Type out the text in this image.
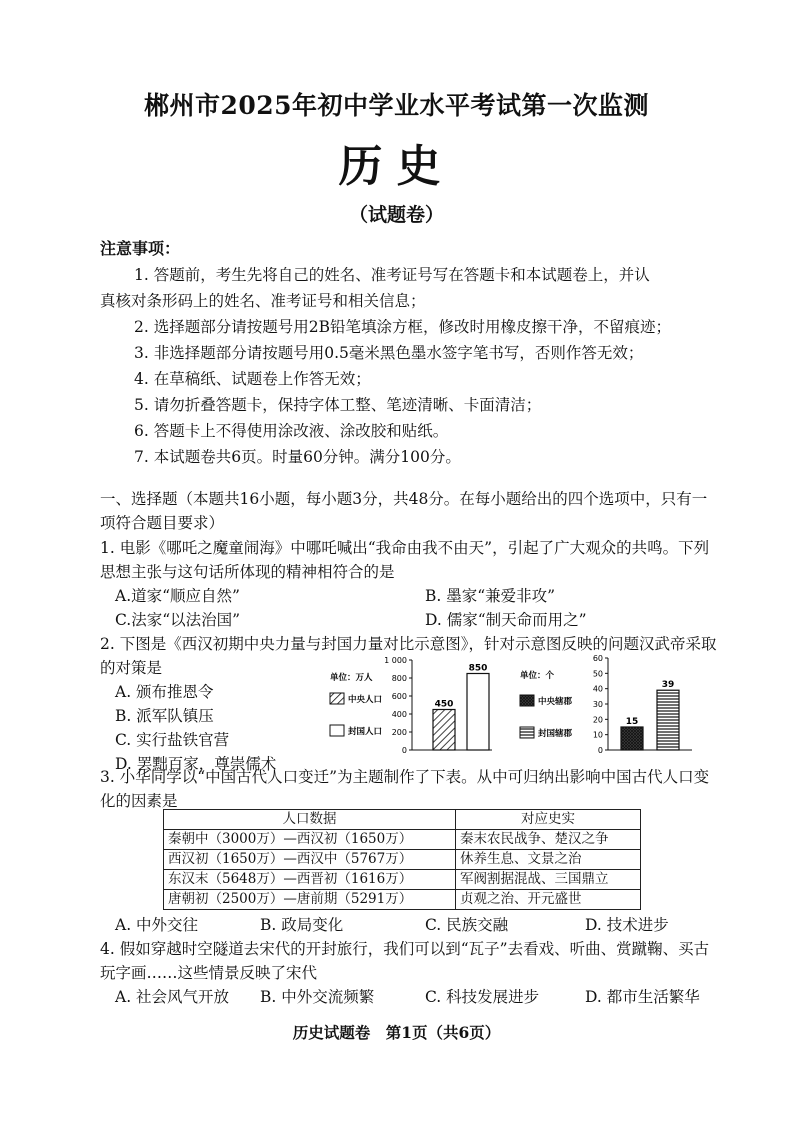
郴州市2025年初中学业水平考试第一次监测
历史
（试题卷）
注意事项：
1. 答题前，考生先将自己的姓名、准考证号写在答题卡和本试题卷上，并认
真核对条形码上的姓名、准考证号和相关信息；
2. 选择题部分请按题号用2B铅笔填涂方框，修改时用橡皮擦干净，不留痕迹；
3. 非选择题部分请按题号用0.5毫米黑色墨水签字笔书写，否则作答无效；
4. 在草稿纸、试题卷上作答无效；
5. 请勿折叠答题卡，保持字体工整、笔迹清晰、卡面清洁；
6. 答题卡上不得使用涂改液、涂改胶和贴纸。
7. 本试题卷共6页。时量60分钟。满分100分。
一、选择题（本题共16小题，每小题3分，共48分。在每小题给出的四个选项中，只有一
项符合题目要求）
1. 电影《哪吒之魔童闹海》中哪吒喊出“我命由我不由天”，引起了广大观众的共鸣。下列
思想主张与这句话所体现的精神相符合的是
A.道家“顺应自然”	B. 墨家“兼爱非攻”
C.法家“以法治国”	D. 儒家“制天命而用之”
2. 下图是《西汉初期中央力量与封国力量对比示意图》，针对示意图反映的问题汉武帝采取
的对策是
A. 颁布推恩令
B. 派军队镇压
C. 实行盐铁官营
D. 罢黜百家，尊崇儒术
单位：万人
0
200
400
600
800
1 000
中央人口	450
封国人口
850
单位：个
0
10
20
30
40
50
60
中央辖郡
15
封国辖郡
39
3. 小华同学以“中国古代人口变迁”为主题制作了下表。从中可归纳出影响中国古代人口变
化的因素是
人口数据	对应史实
秦朝中（3000万）—西汉初（1650万）	秦末农民战争、楚汉之争
西汉初（1650万）—西汉中（5767万）	休养生息、文景之治
东汉末（5648万）—西晋初（1616万）	军阀割据混战、三国鼎立
唐朝初（2500万）—唐前期（5291万）	贞观之治、开元盛世
A. 中外交往	B. 政局变化	C. 民族交融	D. 技术进步
4. 假如穿越时空隧道去宋代的开封旅行，我们可以到“瓦子”去看戏、听曲、赏蹴鞠、买古
玩字画……这些情景反映了宋代
A. 社会风气开放 B. 中外交流频繁	C. 科技发展进步	D. 都市生活繁华
历史试题卷　第1页（共6页）
